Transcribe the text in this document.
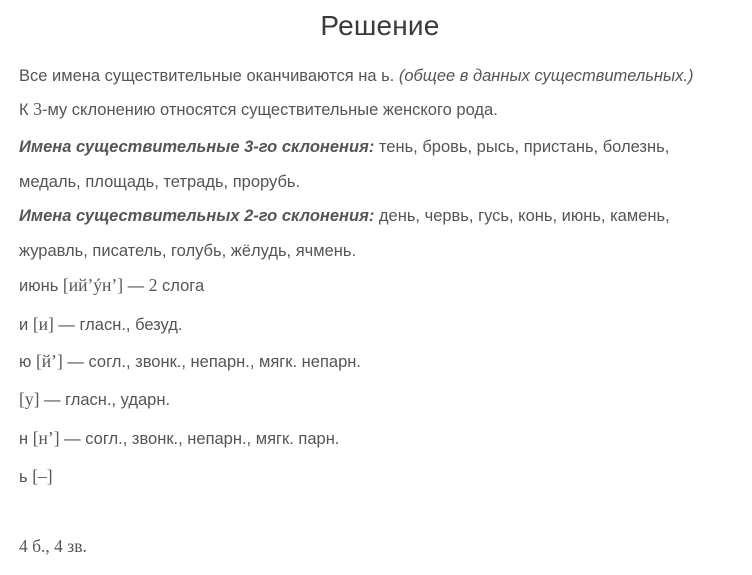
Решение
Все имена существительные оканчиваются на ь. (общее в данных существительных.)
К 3-му склонению относятся существительные женского рода.
Имена существительные 3-го склонения: тень, бровь, рысь, пристань, болезнь,
медаль, площадь, тетрадь, прорубь.
Имена существительных 2-го склонения: день, червь, гусь, конь, июнь, камень,
журавль, писатель, голубь, жёлудь, ячмень.
июнь [ий’ýн’] — 2 слога
и [и] — гласн., безуд.
ю [й’] — согл., звонк., непарн., мягк. непарн.
[у] — гласн., ударн.
н [н’] — согл., звонк., непарн., мягк. парн.
ь [–]
4 б., 4 зв.
